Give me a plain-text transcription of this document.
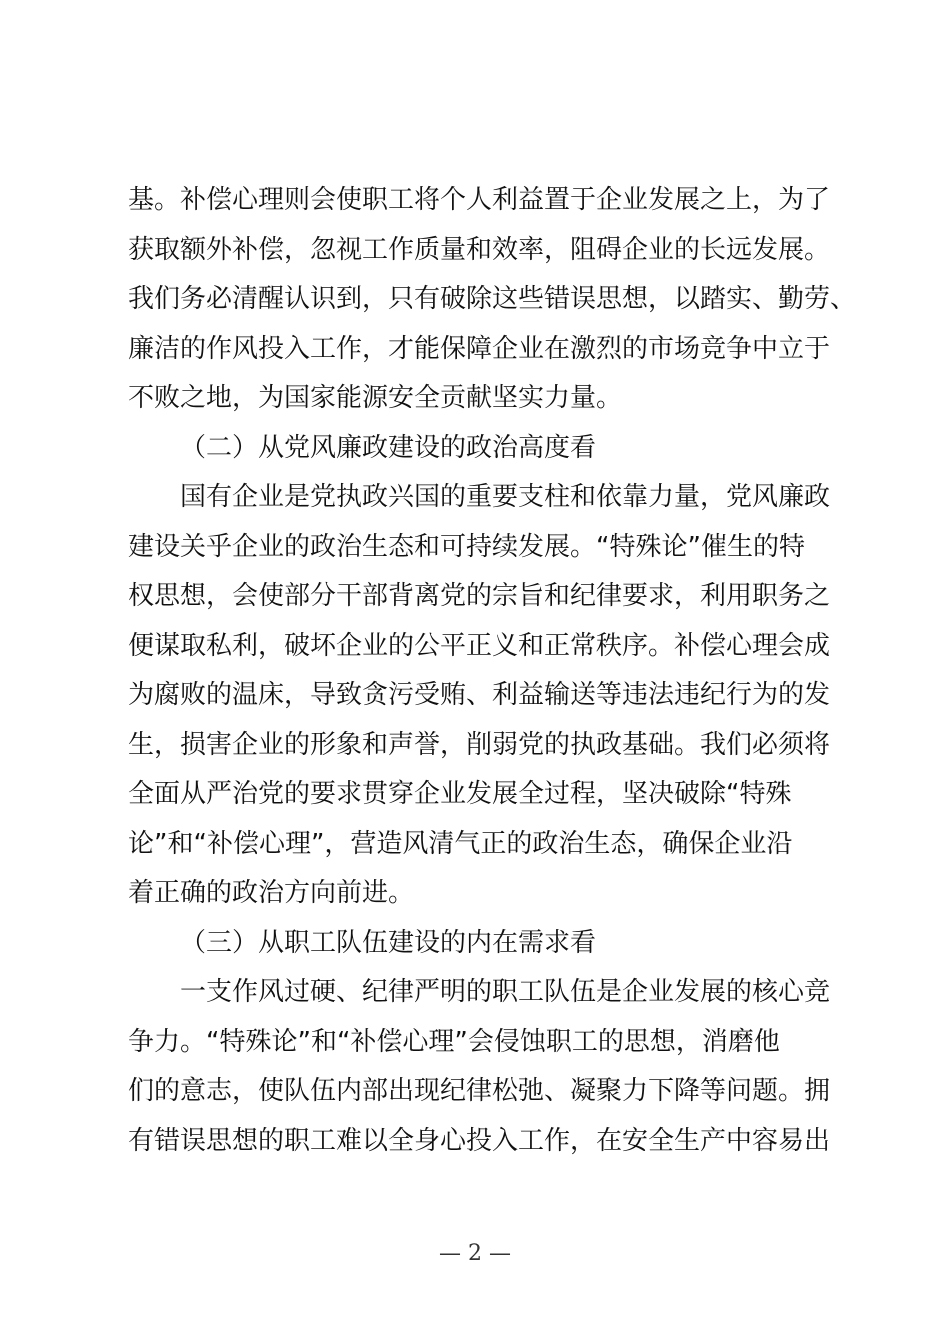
基。补偿心理则会使职工将个人利益置于企业发展之上，为了
获取额外补偿，忽视工作质量和效率，阻碍企业的长远发展。
我们务必清醒认识到，只有破除这些错误思想，以踏实、勤劳、
廉洁的作风投入工作，才能保障企业在激烈的市场竞争中立于
不败之地，为国家能源安全贡献坚实力量。
（二）从党风廉政建设的政治高度看
国有企业是党执政兴国的重要支柱和依靠力量，党风廉政
建设关乎企业的政治生态和可持续发展。“特殊论”催生的特
权思想，会使部分干部背离党的宗旨和纪律要求，利用职务之
便谋取私利，破坏企业的公平正义和正常秩序。补偿心理会成
为腐败的温床，导致贪污受贿、利益输送等违法违纪行为的发
生，损害企业的形象和声誉，削弱党的执政基础。我们必须将
全面从严治党的要求贯穿企业发展全过程，坚决破除“特殊
论”和“补偿心理”，营造风清气正的政治生态，确保企业沿
着正确的政治方向前进。
（三）从职工队伍建设的内在需求看
一支作风过硬、纪律严明的职工队伍是企业发展的核心竞
争力。“特殊论”和“补偿心理”会侵蚀职工的思想，消磨他
们的意志，使队伍内部出现纪律松弛、凝聚力下降等问题。拥
有错误思想的职工难以全身心投入工作，在安全生产中容易出
— 2 —
